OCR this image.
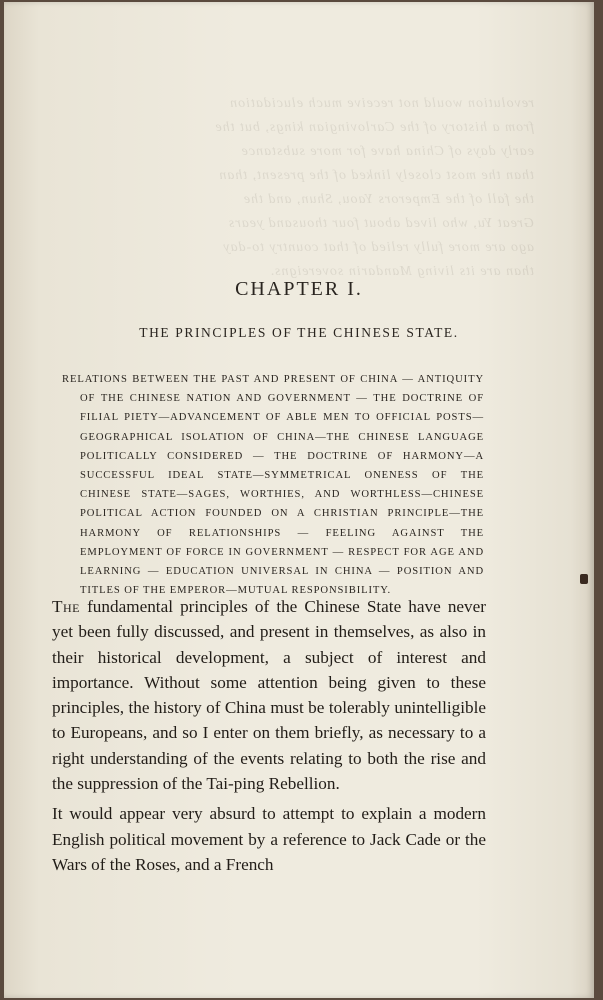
revolution would not receive much elucidation from a history of the Carlovingian kings, but the early days of China have for more substance than the most closely linked of the present, than the fall of the Emperors Yaou, Shun, and the Great Yu, who lived about four thousand years ago are more fully relied of that country to-day than are its living Mandarin sovereigns.
CHAPTER I.
THE PRINCIPLES OF THE CHINESE STATE.

RELATIONS BETWEEN THE PAST AND PRESENT OF CHINA — ANTIQUITY OF THE CHINESE NATION AND GOVERNMENT — THE DOCTRINE OF FILIAL PIETY—ADVANCEMENT OF ABLE MEN TO OFFICIAL POSTS—GEOGRAPHICAL ISOLATION OF CHINA—THE CHINESE LANGUAGE POLITICALLY CONSIDERED — THE DOCTRINE OF HARMONY—A SUCCESSFUL IDEAL STATE—SYMMETRICAL ONENESS OF THE CHINESE STATE—SAGES, WORTHIES, AND WORTHLESS—CHINESE POLITICAL ACTION FOUNDED ON A CHRISTIAN PRINCIPLE—THE HARMONY OF RELATIONSHIPS — FEELING AGAINST THE EMPLOYMENT OF FORCE IN GOVERNMENT — RESPECT FOR AGE AND LEARNING — EDUCATION UNIVERSAL IN CHINA — POSITION AND TITLES OF THE EMPEROR—MUTUAL RESPONSIBILITY.

The fundamental principles of the Chinese State have never yet been fully discussed, and present in themselves, as also in their historical development, a subject of interest and importance. Without some attention being given to these principles, the history of China must be tolerably unintelligible to Europeans, and so I enter on them briefly, as necessary to a right understanding of the events relating to both the rise and the suppression of the Tai-ping Rebellion.

It would appear very absurd to attempt to explain a modern English political movement by a reference to Jack Cade or the Wars of the Roses, and a French
